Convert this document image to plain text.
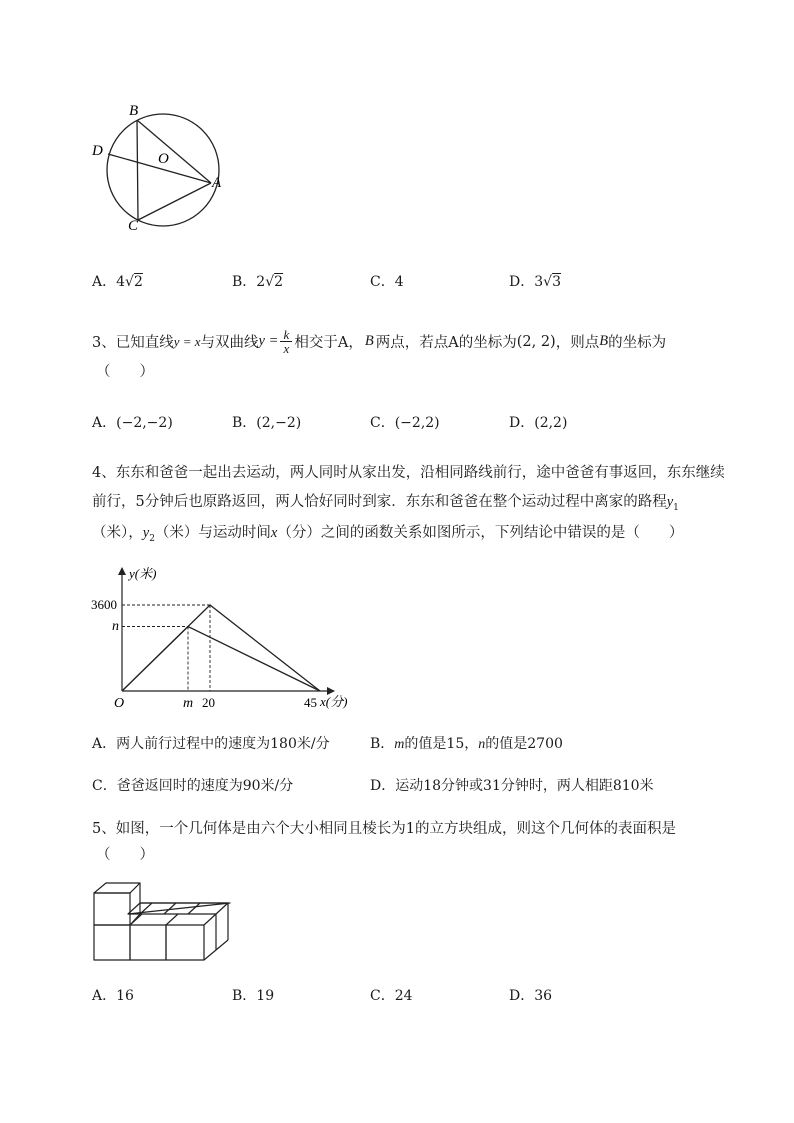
B
D	O
A
C
A．4√2	B．2√2	C．4	D．3√3
3、已知直线 y = x 与双曲线 y = k
x 相交于A， B 两点，若点A的坐标为 (2, 2) ，则点 B 的坐标为
（　　）
A．(−2,−2)	B．(2,−2)	C．(−2,2)	D．(2,2)
4、东东和爸爸一起出去运动，两人同时从家出发，沿相同路线前行，途中爸爸有事返回，东东继续
前行，5分钟后也原路返回，两人恰好同时到家．东东和爸爸在整个运动过程中离家的路程$y_1$
（米），$y_2$（米）与运动时间x（分）之间的函数关系如图所示，下列结论中错误的是（　　）
y(米)
x(分)
O
3600
n
m 20	45
A．两人前行过程中的速度为180米/分	B．m的值是15，n的值是2700
C．爸爸返回时的速度为90米/分	D．运动18分钟或31分钟时，两人相距810米
5、如图，一个几何体是由六个大小相同且棱长为1的立方块组成，则这个几何体的表面积是
（　　）
A．16	B．19	C．24	D．36
